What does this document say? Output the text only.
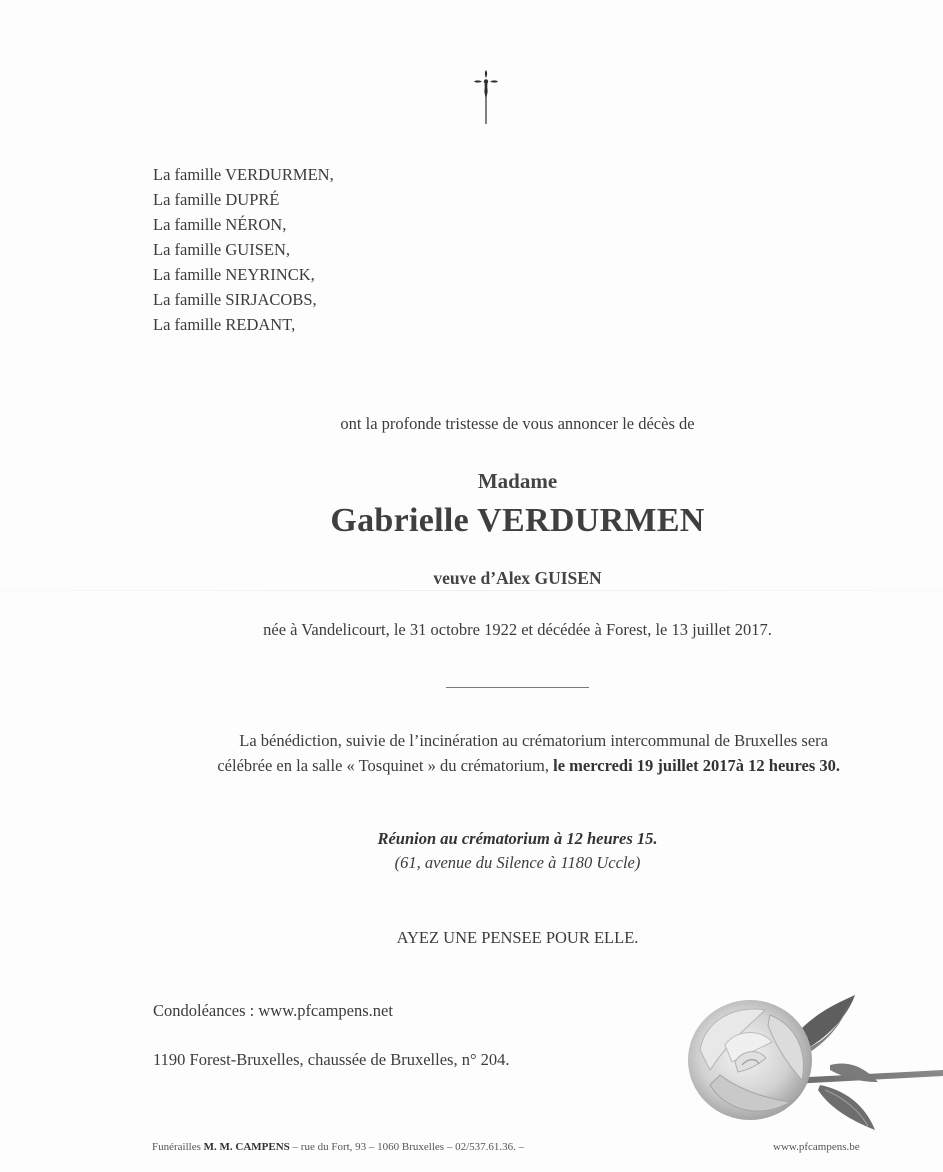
La famille VERDURMEN,
La famille DUPRÉ
La famille NÉRON,
La famille GUISEN,
La famille NEYRINCK,
La famille SIRJACOBS,
La famille REDANT,
ont la profonde tristesse de vous annoncer le décès de
Madame
Gabrielle VERDURMEN
veuve d’Alex GUISEN
née à Vandelicourt, le 31 octobre 1922 et décédée à Forest, le 13 juillet 2017.
La bénédiction, suivie de l’incinération au crématorium intercommunal de Bruxelles sera
célébrée en la salle « Tosquinet » du crématorium, le mercredi 19 juillet 2017à 12 heures 30.
Réunion au crématorium à 12 heures 15.
(61, avenue du Silence à 1180 Uccle)
AYEZ UNE PENSEE POUR ELLE.
Condoléances : www.pfcampens.net
1190 Forest-Bruxelles, chaussée de Bruxelles, n° 204.
Funérailles M. M. CAMPENS – rue du Fort, 93 – 1060 Bruxelles – 02/537.61.36. –	www.pfcampens.be
